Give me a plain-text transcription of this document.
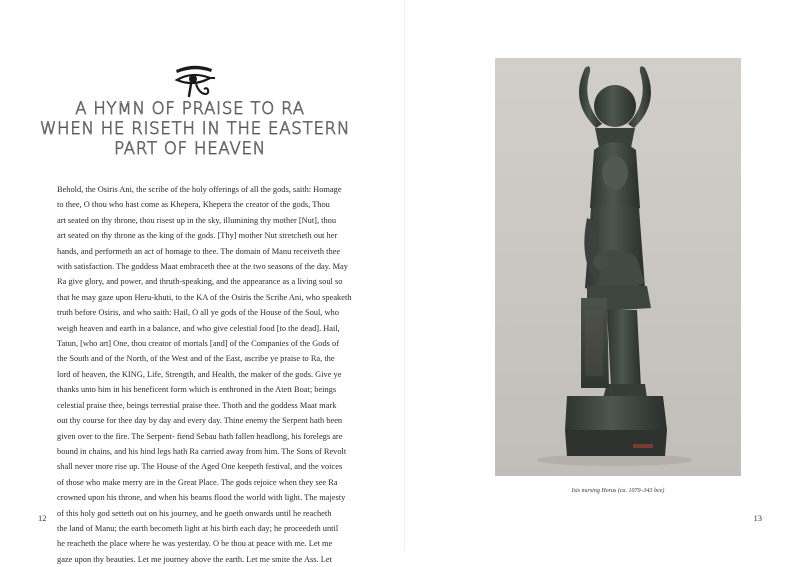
A HYMN OF PRAISE TO RA
WHEN HE RISETH IN THE EASTERN
PART OF HEAVEN
Behold, the Osiris Ani, the scribe of the holy offerings of all the gods, saith: Homage
to thee, O thou who hast come as Khepera, Khepera the creator of the gods, Thou
art seated on thy throne, thou risest up in the sky, illumining thy mother [Nut], thou
art seated on thy throne as the king of the gods. [Thy] mother Nut stretcheth out her
hands, and performeth an act of homage to thee. The domain of Manu receiveth thee
with satisfaction. The goddess Maat embraceth thee at the two seasons of the day. May
Ra give glory, and power, and thruth-speaking, and the appearance as a living soul so
that he may gaze upon Heru-khuti, to the KA of the Osiris the Scribe Ani, who speaketh
truth before Osiris, and who saith: Hail, O all ye gods of the House of the Soul, who
weigh heaven and earth in a balance, and who give celestial food [to the dead]. Hail,
Tatun, [who art] One, thou creator of mortals [and] of the Companies of the Gods of
the South and of the North, of the West and of the East, ascribe ye praise to Ra, the
lord of heaven, the KING, Life, Strength, and Health, the maker of the gods. Give ye
thanks unto him in his beneficent form which is enthroned in the Atett Boat; beings
celestial praise thee, beings terrestial praise thee. Thoth and the goddess Maat mark
out thy course for thee day by day and every day. Thine enemy the Serpent hath been
given over to the fire. The Serpent- fiend Sebau hath fallen headlong, his forelegs are
bound in chains, and his hind legs hath Ra carried away from him. The Sons of Revolt
shall never more rise up. The House of the Aged One keepeth festival, and the voices
of those who make merry are in the Great Place. The gods rejoice when they see Ra
crowned upon his throne, and when his beams flood the world with light. The majesty
of this holy god setteth out on his journey, and he goeth onwards until he reacheth
the land of Manu; the earth becometh light at his birth each day; he proceedeth until
he reacheth the place where he was yesterday. O be thou at peace with me. Let me
gaze upon thy beauties. Let me journey above the earth. Let me smite the Ass. Let
12
Isis nursing Horus (ca. 1070–343 bce)
13
